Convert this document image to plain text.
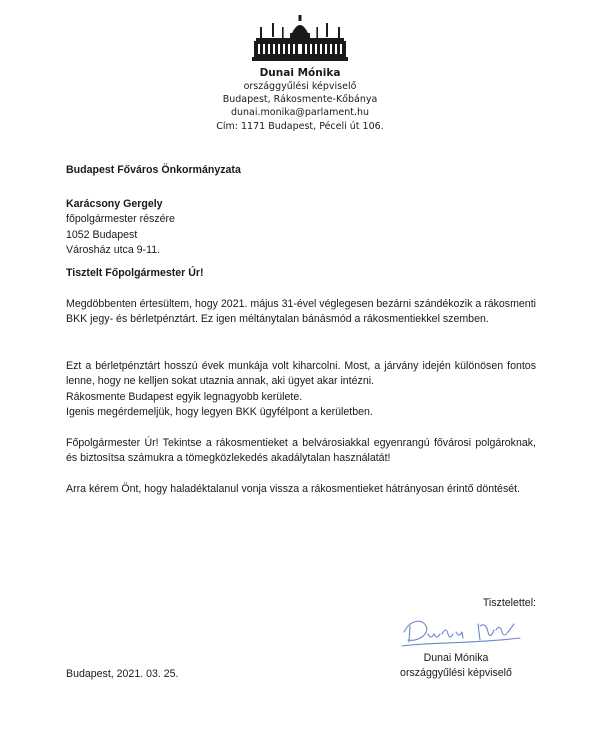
Dunai Mónika
országgyűlési képviselő
Budapest, Rákosmente-Kőbánya
dunai.monika@parlament.hu
Cím: 1171 Budapest, Péceli út 106.
Budapest Főváros Önkormányzata
Karácsony Gergely
főpolgármester részére
1052 Budapest
Városház utca 9-11.
Tisztelt Főpolgármester Úr!
Megdöbbenten értesültem, hogy 2021. május 31-ével véglegesen bezárni szándékozik a rákosmenti BKK jegy- és bérletpénztárt. Ez igen méltánytalan bánásmód a rákosmentiekkel szemben.
Ezt a bérletpénztárt hosszú évek munkája volt kiharcolni. Most, a járvány idején különösen fontos lenne, hogy ne kelljen sokat utaznia annak, aki ügyet akar intézni.
Rákosmente Budapest egyik legnagyobb kerülete.
Igenis megérdemeljük, hogy legyen BKK ügyfélpont a kerületben.
Főpolgármester Úr! Tekintse a rákosmentieket a belvárosiakkal egyenrangú fővárosi polgároknak, és biztosítsa számukra a tömegközlekedés akadálytalan használatát!
Arra kérem Önt, hogy haladéktalanul vonja vissza a rákosmentieket hátrányosan érintő döntését.
Tisztelettel:
Budapest, 2021. 03. 25.
Dunai Mónika
országgyűlési képviselő
